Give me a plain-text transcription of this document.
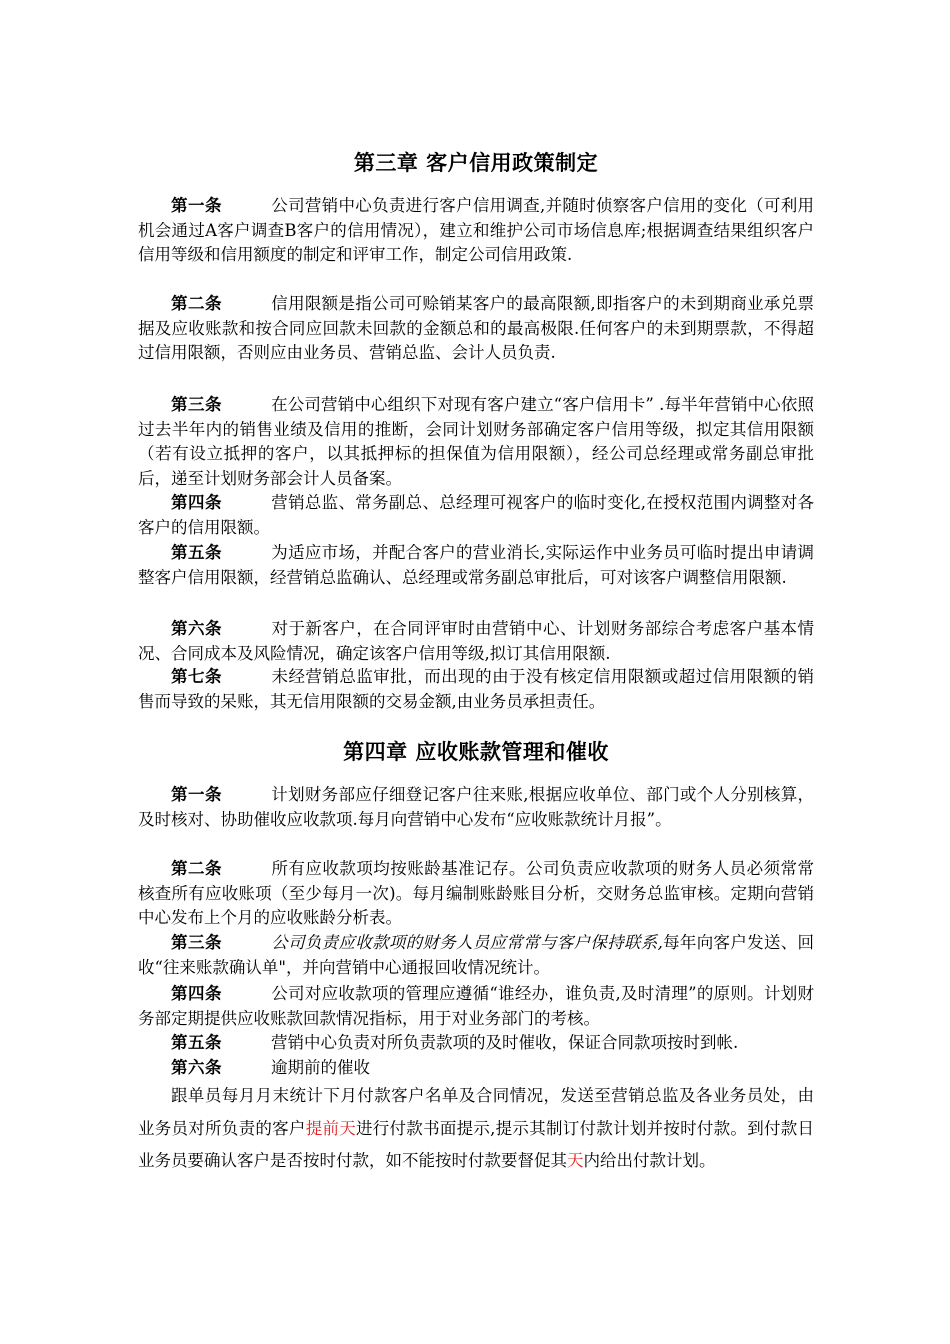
第三章 客户信用政策制定

第一条	公司营销中心负责进行客户信用调查,并随时侦察客户信用的变化（可利用机会通过A客户调查B客户的信用情况），建立和维护公司市场信息库;根据调查结果组织客户信用等级和信用额度的制定和评审工作，制定公司信用政策.

第二条	信用限额是指公司可赊销某客户的最高限额,即指客户的未到期商业承兑票据及应收账款和按合同应回款未回款的金额总和的最高极限.任何客户的未到期票款，不得超过信用限额，否则应由业务员、营销总监、会计人员负责.

第三条	在公司营销中心组织下对现有客户建立“客户信用卡” .每半年营销中心依照过去半年内的销售业绩及信用的推断，会同计划财务部确定客户信用等级，拟定其信用限额（若有设立抵押的客户，以其抵押标的担保值为信用限额），经公司总经理或常务副总审批后，递至计划财务部会计人员备案。

第四条	营销总监、常务副总、总经理可视客户的临时变化,在授权范围内调整对各客户的信用限额。

第五条	为适应市场，并配合客户的营业消长,实际运作中业务员可临时提出申请调整客户信用限额，经营销总监确认、总经理或常务副总审批后，可对该客户调整信用限额.

第六条	对于新客户，在合同评审时由营销中心、计划财务部综合考虑客户基本情况、合同成本及风险情况，确定该客户信用等级,拟订其信用限额.

第七条	未经营销总监审批，而出现的由于没有核定信用限额或超过信用限额的销售而导致的呆账，其无信用限额的交易金额,由业务员承担责任。

第四章 应收账款管理和催收

第一条	计划财务部应仔细登记客户往来账,根据应收单位、部门或个人分别核算，及时核对、协助催收应收款项.每月向营销中心发布“应收账款统计月报”。

第二条	所有应收款项均按账龄基准记存。公司负责应收款项的财务人员必须常常核查所有应收账项（至少每月一次)。每月编制账龄账目分析，交财务总监审核。定期向营销中心发布上个月的应收账龄分析表。

第三条	公司负责应收款项的财务人员应常常与客户保持联系,每年向客户发送、回收“往来账款确认单"，并向营销中心通报回收情况统计。

第四条	公司对应收款项的管理应遵循“谁经办，谁负责,及时清理”的原则。计划财务部定期提供应收账款回款情况指标，用于对业务部门的考核。

第五条	营销中心负责对所负责款项的及时催收，保证合同款项按时到帐.

第六条	逾期前的催收

跟单员每月月末统计下月付款客户名单及合同情况，发送至营销总监及各业务员处，由业务员对所负责的客户提前天进行付款书面提示,提示其制订付款计划并按时付款。到付款日业务员要确认客户是否按时付款，如不能按时付款要督促其天内给出付款计划。
